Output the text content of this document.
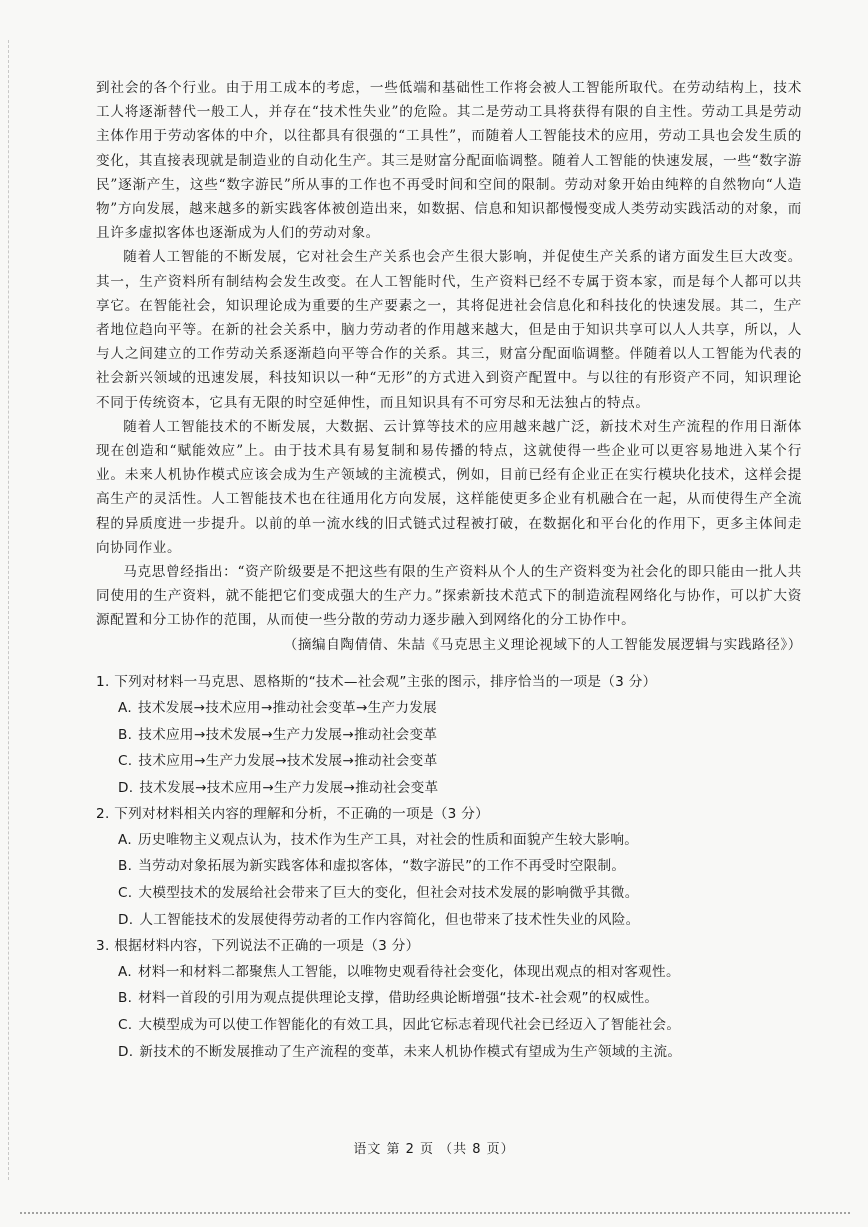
到社会的各个行业。由于用工成本的考虑，一些低端和基础性工作将会被人工智能所取代。在劳动结构上，技术工人将逐渐替代一般工人，并存在“技术性失业”的危险。其二是劳动工具将获得有限的自主性。劳动工具是劳动主体作用于劳动客体的中介，以往都具有很强的“工具性”，而随着人工智能技术的应用，劳动工具也会发生质的变化，其直接表现就是制造业的自动化生产。其三是财富分配面临调整。随着人工智能的快速发展，一些“数字游民”逐渐产生，这些“数字游民”所从事的工作也不再受时间和空间的限制。劳动对象开始由纯粹的自然物向“人造物”方向发展，越来越多的新实践客体被创造出来，如数据、信息和知识都慢慢变成人类劳动实践活动的对象，而且许多虚拟客体也逐渐成为人们的劳动对象。

随着人工智能的不断发展，它对社会生产关系也会产生很大影响，并促使生产关系的诸方面发生巨大改变。其一，生产资料所有制结构会发生改变。在人工智能时代，生产资料已经不专属于资本家，而是每个人都可以共享它。在智能社会，知识理论成为重要的生产要素之一，其将促进社会信息化和科技化的快速发展。其二，生产者地位趋向平等。在新的社会关系中，脑力劳动者的作用越来越大，但是由于知识共享可以人人共享，所以，人与人之间建立的工作劳动关系逐渐趋向平等合作的关系。其三，财富分配面临调整。伴随着以人工智能为代表的社会新兴领域的迅速发展，科技知识以一种“无形”的方式进入到资产配置中。与以往的有形资产不同，知识理论不同于传统资本，它具有无限的时空延伸性，而且知识具有不可穷尽和无法独占的特点。

随着人工智能技术的不断发展，大数据、云计算等技术的应用越来越广泛，新技术对生产流程的作用日渐体现在创造和“赋能效应”上。由于技术具有易复制和易传播的特点，这就使得一些企业可以更容易地进入某个行业。未来人机协作模式应该会成为生产领域的主流模式，例如，目前已经有企业正在实行模块化技术，这样会提高生产的灵活性。人工智能技术也在往通用化方向发展，这样能使更多企业有机融合在一起，从而使得生产全流程的异质度进一步提升。以前的单一流水线的旧式链式过程被打破，在数据化和平台化的作用下，更多主体间走向协同作业。

马克思曾经指出：“资产阶级要是不把这些有限的生产资料从个人的生产资料变为社会化的即只能由一批人共同使用的生产资料，就不能把它们变成强大的生产力。”探索新技术范式下的制造流程网络化与协作，可以扩大资源配置和分工协作的范围，从而使一些分散的劳动力逐步融入到网络化的分工协作中。

（摘编自陶倩倩、朱喆《马克思主义理论视域下的人工智能发展逻辑与实践路径》）

1. 下列对材料一马克思、恩格斯的“技术—社会观”主张的图示，排序恰当的一项是（3 分）
A. 技术发展→技术应用→推动社会变革→生产力发展
B. 技术应用→技术发展→生产力发展→推动社会变革
C. 技术应用→生产力发展→技术发展→推动社会变革
D. 技术发展→技术应用→生产力发展→推动社会变革
2. 下列对材料相关内容的理解和分析，不正确的一项是（3 分）
A. 历史唯物主义观点认为，技术作为生产工具，对社会的性质和面貌产生较大影响。
B. 当劳动对象拓展为新实践客体和虚拟客体，“数字游民”的工作不再受时空限制。
C. 大模型技术的发展给社会带来了巨大的变化，但社会对技术发展的影响微乎其微。
D. 人工智能技术的发展使得劳动者的工作内容简化，但也带来了技术性失业的风险。
3. 根据材料内容，下列说法不正确的一项是（3 分）
A. 材料一和材料二都聚焦人工智能，以唯物史观看待社会变化，体现出观点的相对客观性。
B. 材料一首段的引用为观点提供理论支撑，借助经典论断增强“技术-社会观”的权威性。
C. 大模型成为可以使工作智能化的有效工具，因此它标志着现代社会已经迈入了智能社会。
D. 新技术的不断发展推动了生产流程的变革，未来人机协作模式有望成为生产领域的主流。
语文 第 2 页 （共 8 页）
